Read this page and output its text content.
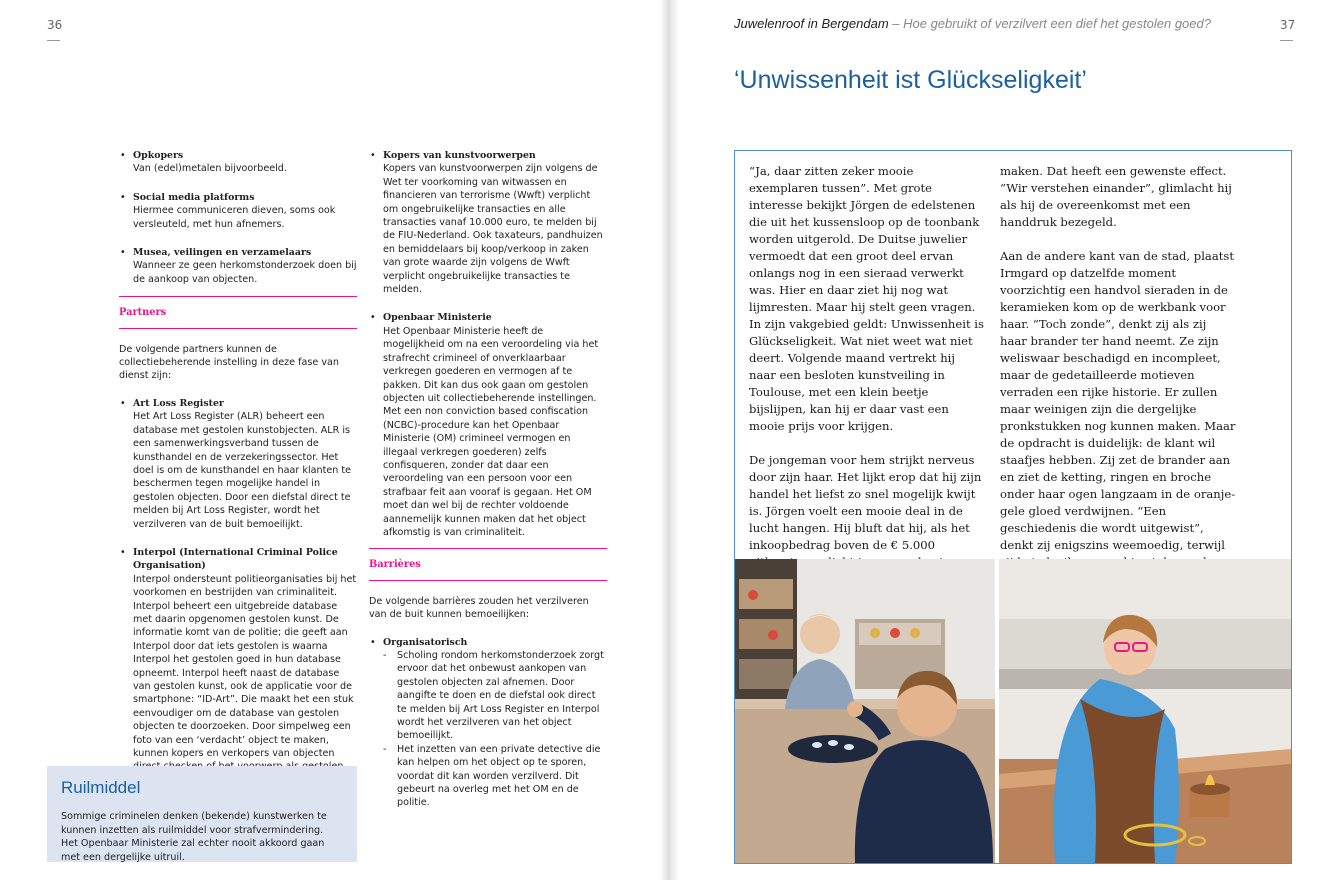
36
• Opkopers

Van (edel)metalen bijvoorbeeld.

• Social media platforms

Hiermee communiceren dieven, soms ook versleuteld, met hun afnemers.

• Musea, veilingen en verzamelaars

Wanneer ze geen herkomstonderzoek doen bij de aankoop van objecten.

Partners

De volgende partners kunnen de collectiebeherende instelling in deze fase van dienst zijn:

• Art Loss Register

Het Art Loss Register (ALR) beheert een database met gestolen kunstobjecten. ALR is een samenwerkingsverband tussen de kunsthandel en de verzekeringssector. Het doel is om de kunsthandel en haar klanten te beschermen tegen mogelijke handel in gestolen objecten. Door een diefstal direct te melden bij Art Loss Register, wordt het verzilveren van de buit bemoeilijkt.

• Interpol (International Criminal Police Organisation)

Interpol ondersteunt politieorganisaties bij het voorkomen en bestrijden van criminaliteit. Interpol beheert een uitgebreide database met daarin opgenomen gestolen kunst. De informatie komt van de politie; die geeft aan Interpol door dat iets gestolen is waarna Interpol het gestolen goed in hun database opneemt. Interpol heeft naast de database van gestolen kunst, ook de applicatie voor de smartphone: “ID-Art”. Die maakt het een stuk eenvoudiger om de database van gestolen objecten te doorzoeken. Door simpelweg een foto van een ‘verdacht’ object te maken, kunnen kopers en verkopers van objecten

• Kopers van kunstvoorwerpen

Kopers van kunstvoorwerpen zijn volgens de Wet ter voorkoming van witwassen en financieren van terrorisme (Wwft) verplicht om ongebruikelijke transacties en alle transacties vanaf 10.000 euro, te melden bij de FIU-Nederland. Ook taxateurs, pandhuizen en bemiddelaars bij koop/verkoop in zaken van grote waarde zijn volgens de Wwft verplicht ongebruikelijke transacties te melden.

• Openbaar Ministerie

Het Openbaar Ministerie heeft de mogelijkheid om na een veroordeling via het strafrecht crimineel of onverklaarbaar verkregen goederen en vermogen af te pakken. Dit kan dus ook gaan om gestolen objecten uit collectiebeherende instellingen.

Met een non conviction based confiscation (NCBC)-procedure kan het Openbaar Ministerie (OM) crimineel vermogen en illegaal verkregen goederen) zelfs confisqueren, zonder dat daar een veroordeling van een persoon voor een strafbaar feit aan vooraf is gegaan. Het OM moet dan wel bij de rechter voldoende aannemelijk kunnen maken dat het object afkomstig is van criminaliteit.

Barrières

De volgende barrières zouden het verzilveren van de buit kunnen bemoeilijken:

• Organisatorisch

- Scholing rondom herkomstonderzoek zorgt ervoor dat het onbewust aankopen van gestolen objecten zal afnemen. Door aangifte te doen en de diefstal ook direct te melden bij Art Loss Register en Interpol wordt het verzilveren van het object bemoeilijkt.

- Het inzetten van een private detective die kan helpen om het object op te sporen, voordat dit kan worden verzilverd. Dit gebeurt na overleg met het OM en de politie.

Ruilmiddel
Sommige criminelen denken (bekende) kunstwerken te kunnen inzetten als ruilmiddel voor strafvermindering. Het Openbaar Ministerie zal echter nooit akkoord gaan met een dergelijke uitruil.
Juwelenroof in Bergendam – Hoe gebruikt of verzilvert een dief het gestolen goed?	37
‘Unwissenheit ist Glückseligkeit’

“Ja, daar zitten zeker mooie exemplaren tussen”. Met grote interesse bekijkt Jörgen de edelstenen die uit het kussensloop op de toonbank worden uitgerold. De Duitse juwelier vermoedt dat een groot deel ervan onlangs nog in een sieraad verwerkt was. Hier en daar ziet hij nog wat lijmresten. Maar hij stelt geen vragen. In zijn vakgebied geldt: Unwissenheit is Glückseligkeit. Wat niet weet wat niet deert. Volgende maand vertrekt hij naar een besloten kunstveiling in Toulouse, met een klein beetje bijslijpen, kan hij er daar vast een mooie prijs voor krijgen.

De jongeman voor hem strijkt nerveus door zijn haar. Het lijkt erop dat hij zijn handel het liefst zo snel mogelijk kwijt is. Jörgen voelt een mooie deal in de lucht hangen. Hij bluft dat hij, als het inkoopbedrag boven de € 5.000

maken. Dat heeft een gewenste effect. “Wir verstehen einander”, glimlacht hij als hij de overeenkomst met een handdruk bezegeld.

Aan de andere kant van de stad, plaatst Irmgard op datzelfde moment voorzichtig een handvol sieraden in de keramieken kom op de werkbank voor haar. “Toch zonde”, denkt zij als zij haar brander ter hand neemt. Ze zijn weliswaar beschadigd en incompleet, maar de gedetailleerde motieven verraden een rijke historie. Er zullen maar weinigen zijn die dergelijke pronkstukken nog kunnen maken. Maar de opdracht is duidelijk: de klant wil staafjes hebben. Zij zet de brander aan en ziet de ketting, ringen en broche onder haar ogen langzaam in de oranje-gele gloed verdwijnen. “Een geschiedenis die wordt uitgewist”, denkt zij enigszins weemoedig, terwijl
